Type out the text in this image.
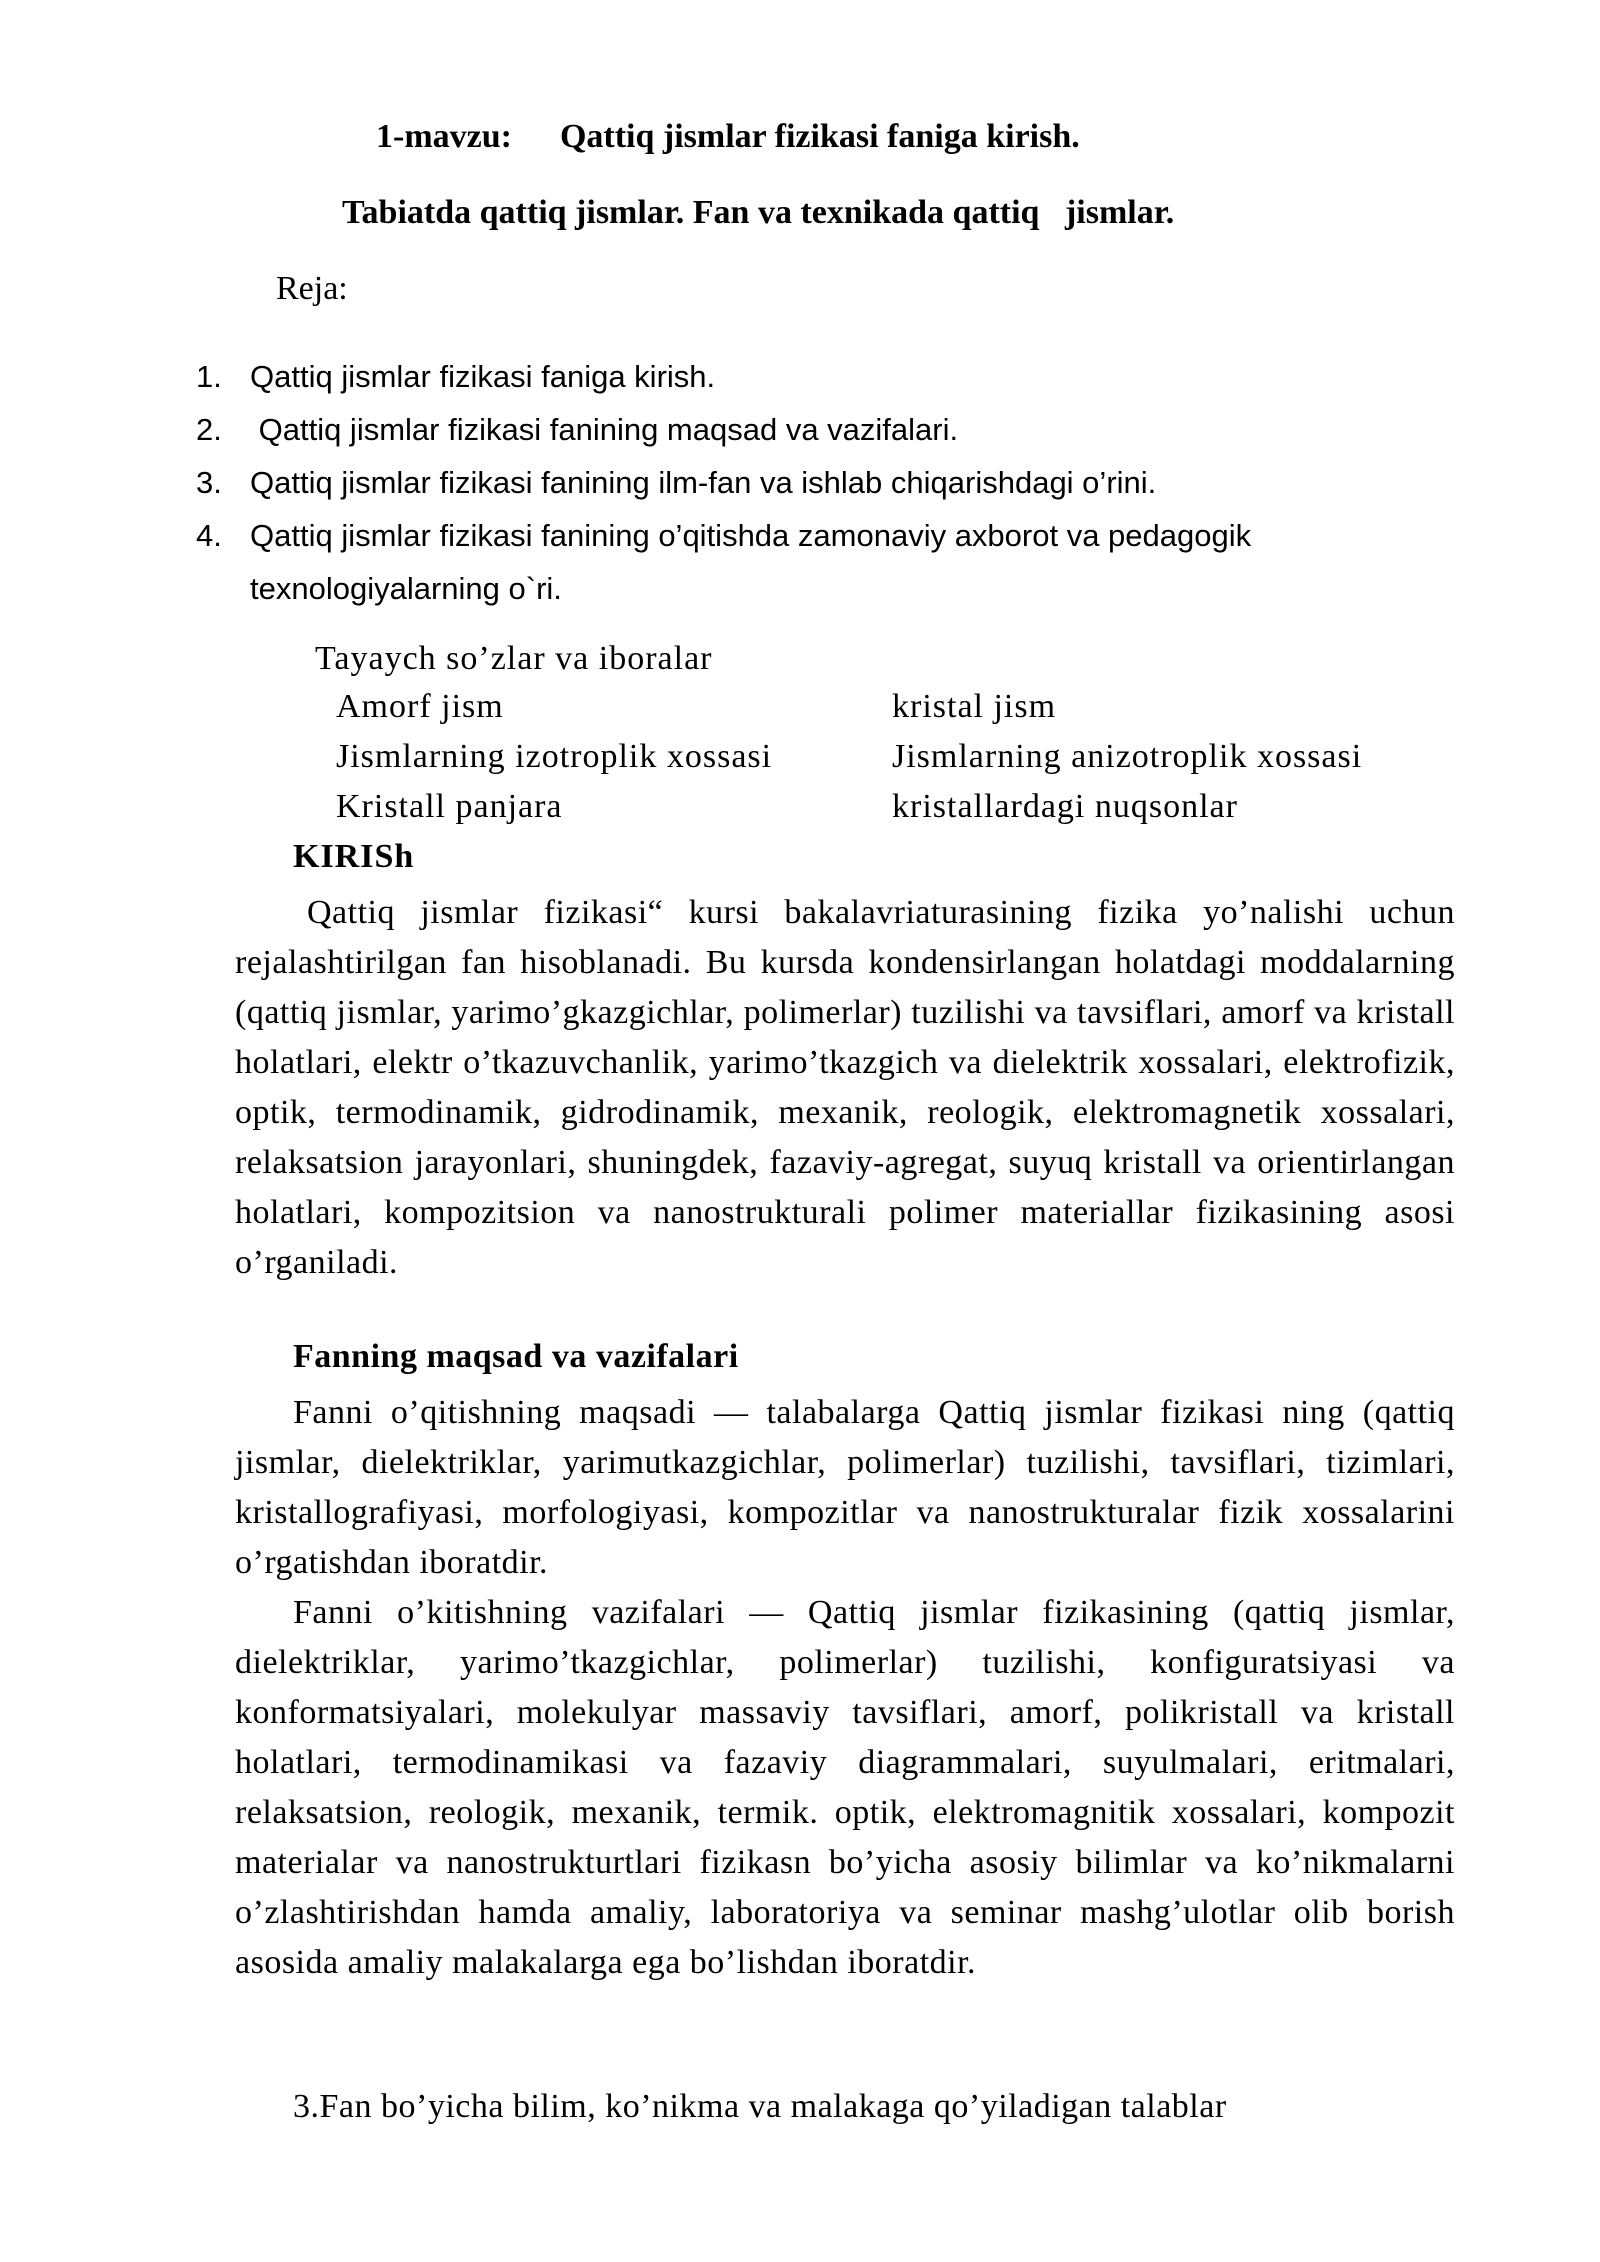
1-mavzu: Qattiq jismlar fizikasi faniga kirish.
Tabiatda qattiq jismlar. Fan va texnikada qattiq   jismlar.
Reja:
1. Qattiq jismlar fizikasi faniga kirish.
2. Qattiq jismlar fizikasi fanining maqsad va vazifalari.
3. Qattiq jismlar fizikasi fanining ilm-fan va ishlab chiqarishdagi o’rini.
4. Qattiq jismlar fizikasi fanining o’qitishda zamonaviy axborot va pedagogik texnologiyalarning o`ri.
Tayaych so’zlar va iboralar
Amorf jism	kristal jism
Jismlarning izotroplik xossasi	Jismlarning anizotroplik xossasi
Kristall panjara	kristallardagi nuqsonlar
KIRISh

Qattiq jismlar fizikasi“ kursi bakalavriaturasining fizika yo’nalishi uchun rejalashtirilgan fan hisoblanadi. Bu kursda kondensirlangan holatdagi moddalarning (qattiq jismlar, yarimo’gkazgichlar, polimerlar) tuzilishi va tavsiflari, amorf va kristall holatlari, elektr o’tkazuvchanlik, yarimo’tkazgich va dielektrik xossalari, elektrofizik, optik, termodinamik, gidrodinamik, mexanik, reologik, elektromagnetik xossalari, relaksatsion jarayonlari, shuningdek, fazaviy-agregat, suyuq kristall va orientirlangan holatlari, kompozitsion va nanostrukturali polimer materiallar fizikasining asosi o’rganiladi.

Fanning maqsad va vazifalari

Fanni o’qitishning maqsadi — talabalarga Qattiq jismlar fizikasi ning (qattiq jismlar, dielektriklar, yarimutkazgichlar, polimerlar) tuzilishi, tavsiflari, tizimlari, kristallografiyasi, morfologiyasi, kompozitlar va nanostrukturalar fizik xossalarini o’rgatishdan iboratdir.

Fanni o’kitishning vazifalari — Qattiq jismlar fizikasining (qattiq jismlar, dielektriklar, yarimo’tkazgichlar, polimerlar) tuzilishi, konfiguratsiyasi va konformatsiyalari, molekulyar massaviy tavsiflari, amorf, polikristall va kristall holatlari, termodinamikasi va fazaviy diagrammalari, suyulmalari, eritmalari, relaksatsion, reologik, mexanik, termik. optik, elektromagnitik xossalari, kompozit materialar va nanostrukturtlari fizikasn bo’yicha asosiy bilimlar va ko’nikmalarni o’zlashtirishdan hamda amaliy, laboratoriya va seminar mashg’ulotlar olib borish asosida amaliy malakalarga ega bo’lishdan iboratdir.

3.Fan bo’yicha bilim, ko’nikma va malakaga qo’yiladigan talablar
